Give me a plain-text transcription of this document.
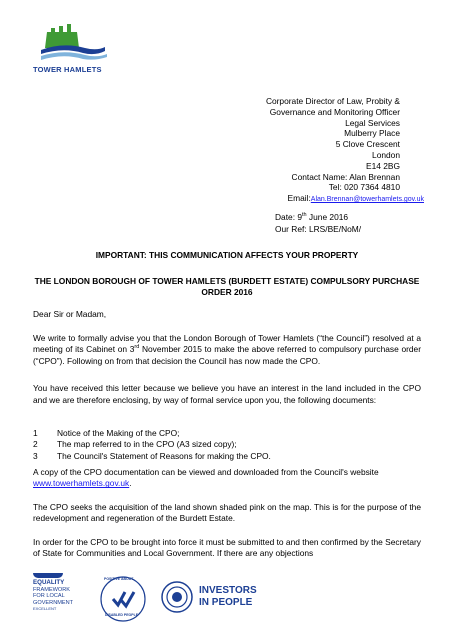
TOWER HAMLETS
Corporate Director of Law, Probity &
Governance and Monitoring Officer
Legal Services
Mulberry Place
5 Clove Crescent
London
E14 2BG
Contact Name: Alan Brennan
Tel: 020 7364 4810
Email:Alan.Brennan@towerhamlets.gov.uk
Date: 9th June 2016
Our Ref: LRS/BE/NoM/
IMPORTANT: THIS COMMUNICATION AFFECTS YOUR PROPERTY
THE LONDON BOROUGH OF TOWER HAMLETS (BURDETT ESTATE) COMPULSORY PURCHASE ORDER 2016
Dear Sir or Madam,
We write to formally advise you that the London Borough of Tower Hamlets (“the Council”) resolved at a meeting of its Cabinet on 3rd November 2015 to make the above referred to compulsory purchase order (“CPO”). Following on from that decision the Council has now made the CPO.
You have received this letter because we believe you have an interest in the land included in the CPO and we are therefore enclosing, by way of formal service upon you, the following documents:
1	Notice of the Making of the CPO;
2	The map referred to in the CPO (A3 sized copy);
3	The Council's Statement of Reasons for making the CPO.
A copy of the CPO documentation can be viewed and downloaded from the Council's website www.towerhamlets.gov.uk.
The CPO seeks the acquisition of the land shown shaded pink on the map. This is for the purpose of the redevelopment and regeneration of the Burdett Estate.
In order for the CPO to be brought into force it must be submitted to and then confirmed by the Secretary of State for Communities and Local Government. If there are any objections
EQUALITY
FRAMEWORK
FOR LOCAL
GOVERNMENT
EXCELLENT
POSITIVE ABOUT
DISABLED PEOPLE
INVESTORS
IN PEOPLE
